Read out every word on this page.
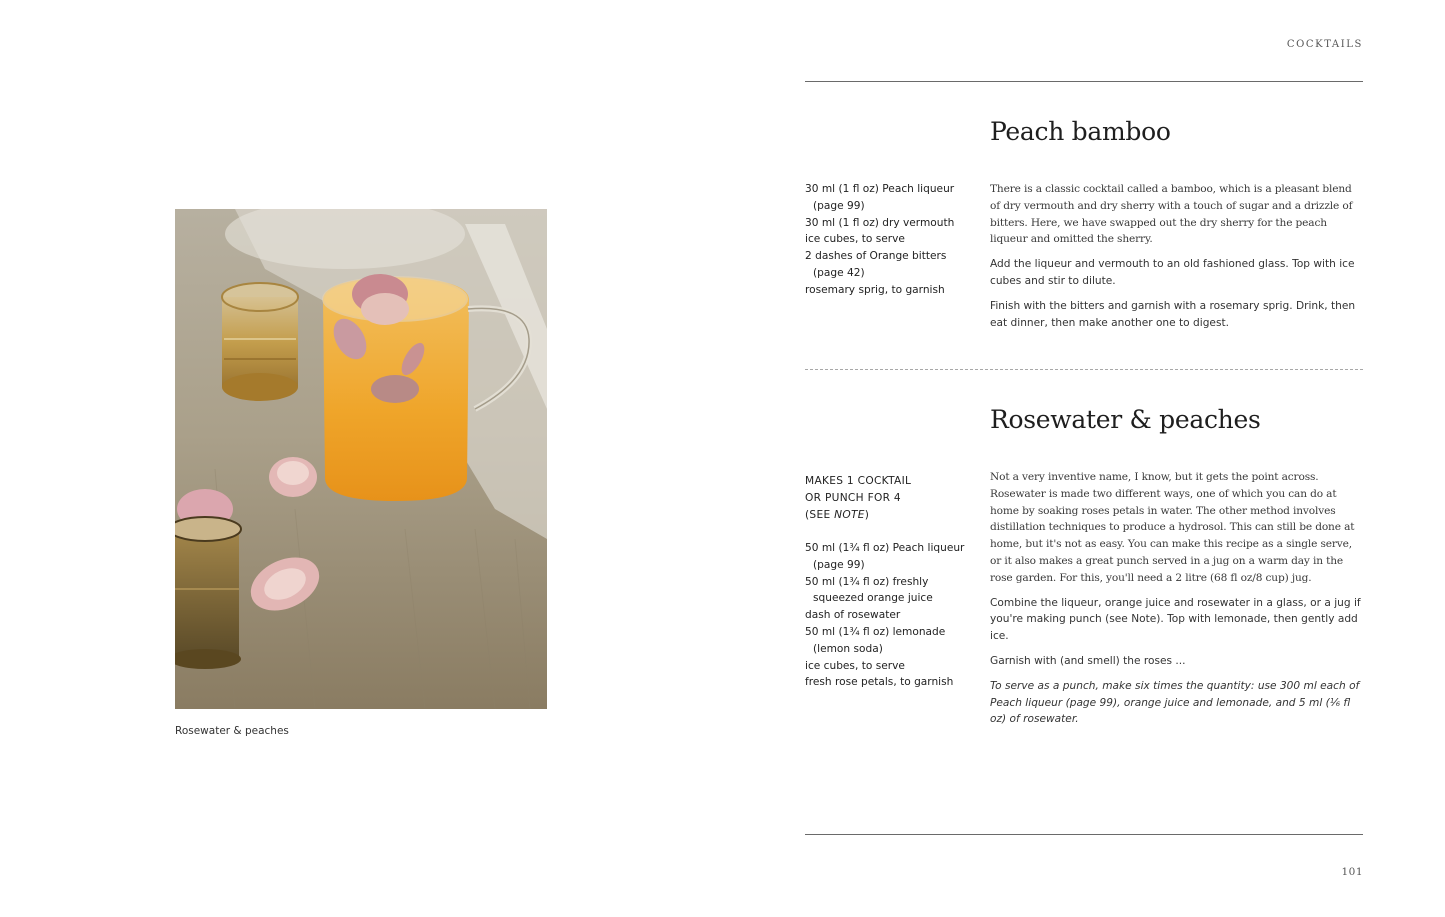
Rosewater & peaches
COCKTAILS
Peach bamboo
30 ml (1 fl oz) Peach liqueur (page 99)
30 ml (1 fl oz) dry vermouth
ice cubes, to serve
2 dashes of Orange bitters (page 42)
rosemary sprig, to garnish

There is a classic cocktail called a bamboo, which is a pleasant blend of dry vermouth and dry sherry with a touch of sugar and a drizzle of bitters. Here, we have swapped out the dry sherry for the peach liqueur and omitted the sherry.

Add the liqueur and vermouth to an old fashioned glass. Top with ice cubes and stir to dilute.

Finish with the bitters and garnish with a rosemary sprig. Drink, then eat dinner, then make another one to digest.

Rosewater & peaches
MAKES 1 COCKTAIL
OR PUNCH FOR 4
(SEE NOTE)
50 ml (1¾ fl oz) Peach liqueur (page 99)
50 ml (1¾ fl oz) freshly squeezed orange juice
dash of rosewater
50 ml (1¾ fl oz) lemonade (lemon soda)
ice cubes, to serve
fresh rose petals, to garnish

Not a very inventive name, I know, but it gets the point across. Rosewater is made two different ways, one of which you can do at home by soaking roses petals in water. The other method involves distillation techniques to produce a hydrosol. This can still be done at home, but it's not as easy. You can make this recipe as a single serve, or it also makes a great punch served in a jug on a warm day in the rose garden. For this, you'll need a 2 litre (68 fl oz/8 cup) jug.

Combine the liqueur, orange juice and rosewater in a glass, or a jug if you're making punch (see Note). Top with lemonade, then gently add ice.

Garnish with (and smell) the roses ...

To serve as a punch, make six times the quantity: use 300 ml each of Peach liqueur (page 99), orange juice and lemonade, and 5 ml (⅙ fl oz) of rosewater.

101
